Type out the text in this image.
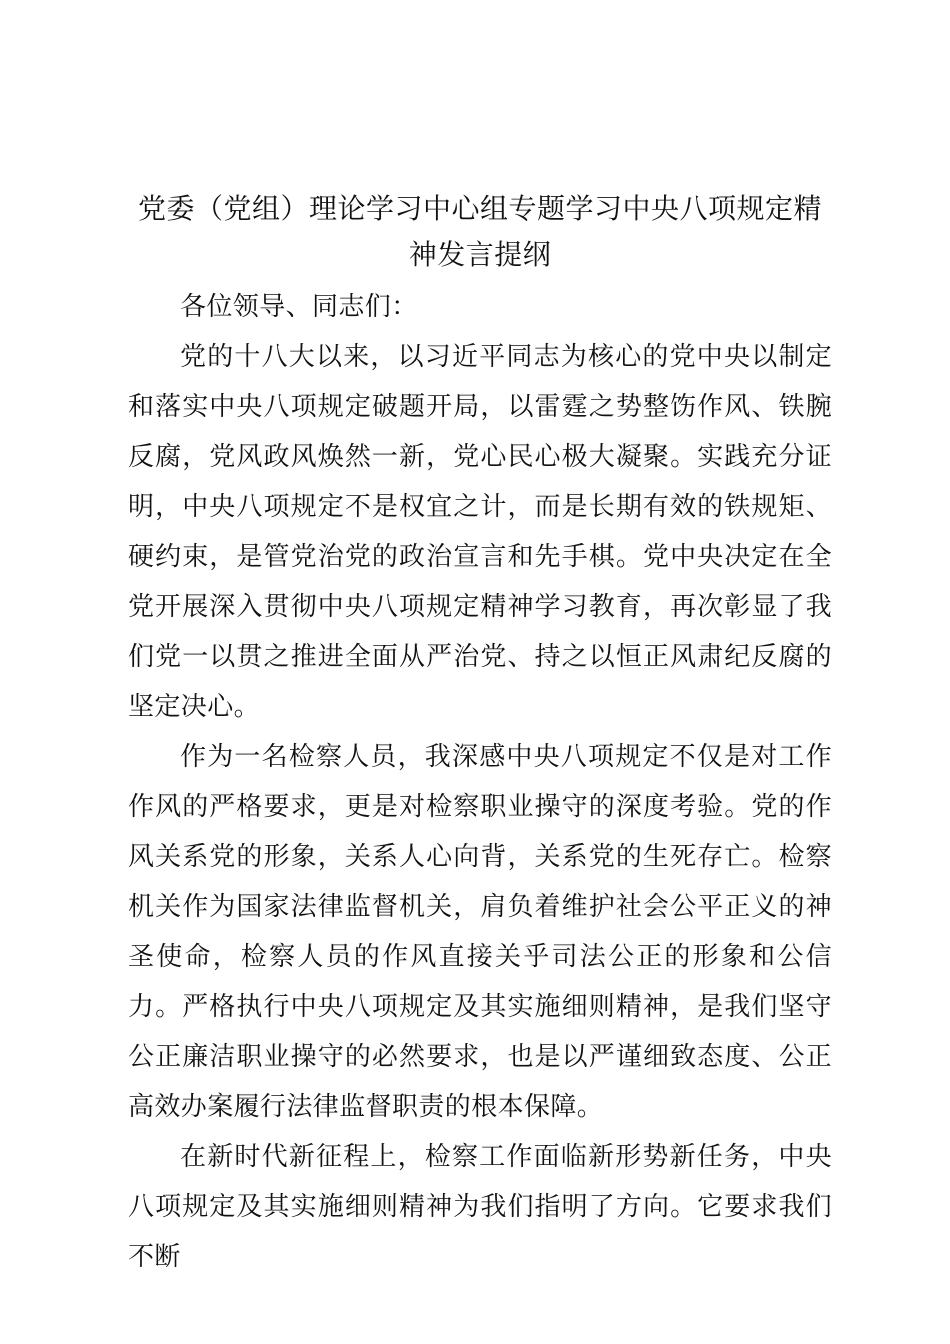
党委（党组）理论学习中心组专题学习中央八项规定精神发言提纲

各位领导、同志们：

党的十八大以来，以习近平同志为核心的党中央以制定和落实中央八项规定破题开局，以雷霆之势整饬作风、铁腕反腐，党风政风焕然一新，党心民心极大凝聚。实践充分证明，中央八项规定不是权宜之计，而是长期有效的铁规矩、硬约束，是管党治党的政治宣言和先手棋。党中央决定在全党开展深入贯彻中央八项规定精神学习教育，再次彰显了我们党一以贯之推进全面从严治党、持之以恒正风肃纪反腐的坚定决心。

作为一名检察人员，我深感中央八项规定不仅是对工作作风的严格要求，更是对检察职业操守的深度考验。党的作风关系党的形象，关系人心向背，关系党的生死存亡。检察机关作为国家法律监督机关，肩负着维护社会公平正义的神圣使命，检察人员的作风直接关乎司法公正的形象和公信力。严格执行中央八项规定及其实施细则精神，是我们坚守公正廉洁职业操守的必然要求，也是以严谨细致态度、公正高效办案履行法律监督职责的根本保障。

在新时代新征程上，检察工作面临新形势新任务，中央八项规定及其实施细则精神为我们指明了方向。它要求我们不断
